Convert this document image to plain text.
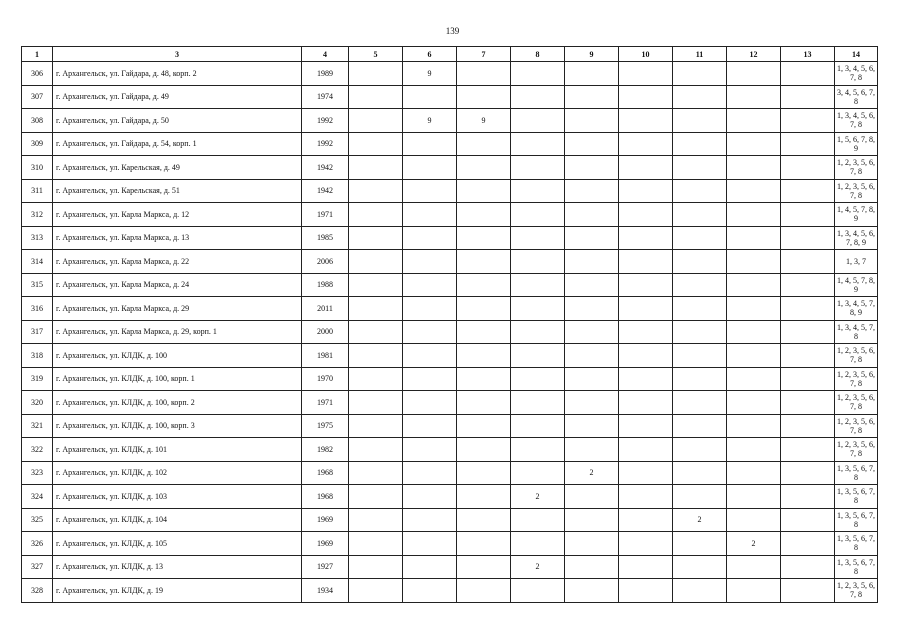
139
1	3	4	5	6	7	8	9	10	11	12	13	14
306	г. Архангельск, ул. Гайдара, д. 48, корп. 2	1989		9								1, 3, 4, 5, 6, 7, 8
307	г. Архангельск, ул. Гайдара, д. 49	1974										3, 4, 5, 6, 7, 8
308	г. Архангельск, ул. Гайдара, д. 50	1992		9	9							1, 3, 4, 5, 6, 7, 8
309	г. Архангельск, ул. Гайдара, д. 54, корп. 1	1992										1, 5, 6, 7, 8, 9
310	г. Архангельск, ул. Карельская, д. 49	1942										1, 2, 3, 5, 6, 7, 8
311	г. Архангельск, ул. Карельская, д. 51	1942										1, 2, 3, 5, 6, 7, 8
312	г. Архангельск, ул. Карла Маркса, д. 12	1971										1, 4, 5, 7, 8, 9
313	г. Архангельск, ул. Карла Маркса, д. 13	1985										1, 3, 4, 5, 6, 7, 8, 9
314	г. Архангельск, ул. Карла Маркса, д. 22	2006										1, 3, 7
315	г. Архангельск, ул. Карла Маркса, д. 24	1988										1, 4, 5, 7, 8, 9
316	г. Архангельск, ул. Карла Маркса, д. 29	2011										1, 3, 4, 5, 7, 8, 9
317	г. Архангельск, ул. Карла Маркса, д. 29, корп. 1	2000										1, 3, 4, 5, 7, 8
318	г. Архангельск, ул. КЛДК, д. 100	1981										1, 2, 3, 5, 6, 7, 8
319	г. Архангельск, ул. КЛДК, д. 100, корп. 1	1970										1, 2, 3, 5, 6, 7, 8
320	г. Архангельск, ул. КЛДК, д. 100, корп. 2	1971										1, 2, 3, 5, 6, 7, 8
321	г. Архангельск, ул. КЛДК, д. 100, корп. 3	1975										1, 2, 3, 5, 6, 7, 8
322	г. Архангельск, ул. КЛДК, д. 101	1982										1, 2, 3, 5, 6, 7, 8
323	г. Архангельск, ул. КЛДК, д. 102	1968					2					1, 3, 5, 6, 7, 8
324	г. Архангельск, ул. КЛДК, д. 103	1968				2						1, 3, 5, 6, 7, 8
325	г. Архангельск, ул. КЛДК, д. 104	1969							2			1, 3, 5, 6, 7, 8
326	г. Архангельск, ул. КЛДК, д. 105	1969								2		1, 3, 5, 6, 7, 8
327	г. Архангельск, ул. КЛДК, д. 13	1927				2						1, 3, 5, 6, 7, 8
328	г. Архангельск, ул. КЛДК, д. 19	1934										1, 2, 3, 5, 6, 7, 8
